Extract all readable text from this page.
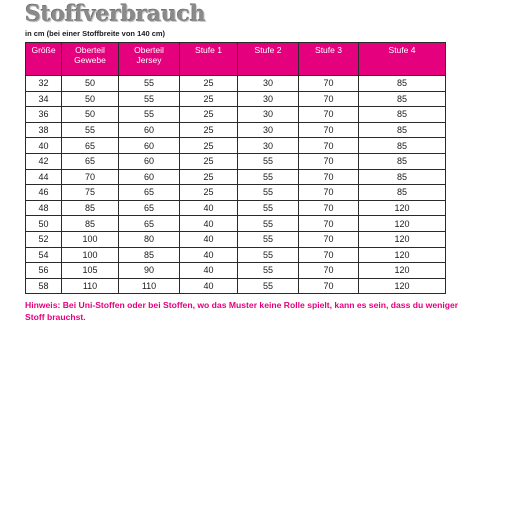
Stoffverbrauch

in cm (bei einer Stoffbreite von 140 cm)

Größe	Oberteil Gewebe	Oberteil Jersey	Stufe 1	Stufe 2	Stufe 3	Stufe 4
32	50	55	25	30	70	85
34	50	55	25	30	70	85
36	50	55	25	30	70	85
38	55	60	25	30	70	85
40	65	60	25	30	70	85
42	65	60	25	55	70	85
44	70	60	25	55	70	85
46	75	65	25	55	70	85
48	85	65	40	55	70	120
50	85	65	40	55	70	120
52	100	80	40	55	70	120
54	100	85	40	55	70	120
56	105	90	40	55	70	120
58	110	110	40	55	70	120

Hinweis: Bei Uni-Stoffen oder bei Stoffen, wo das Muster keine Rolle spielt, kann es sein, dass du weniger Stoff brauchst.
